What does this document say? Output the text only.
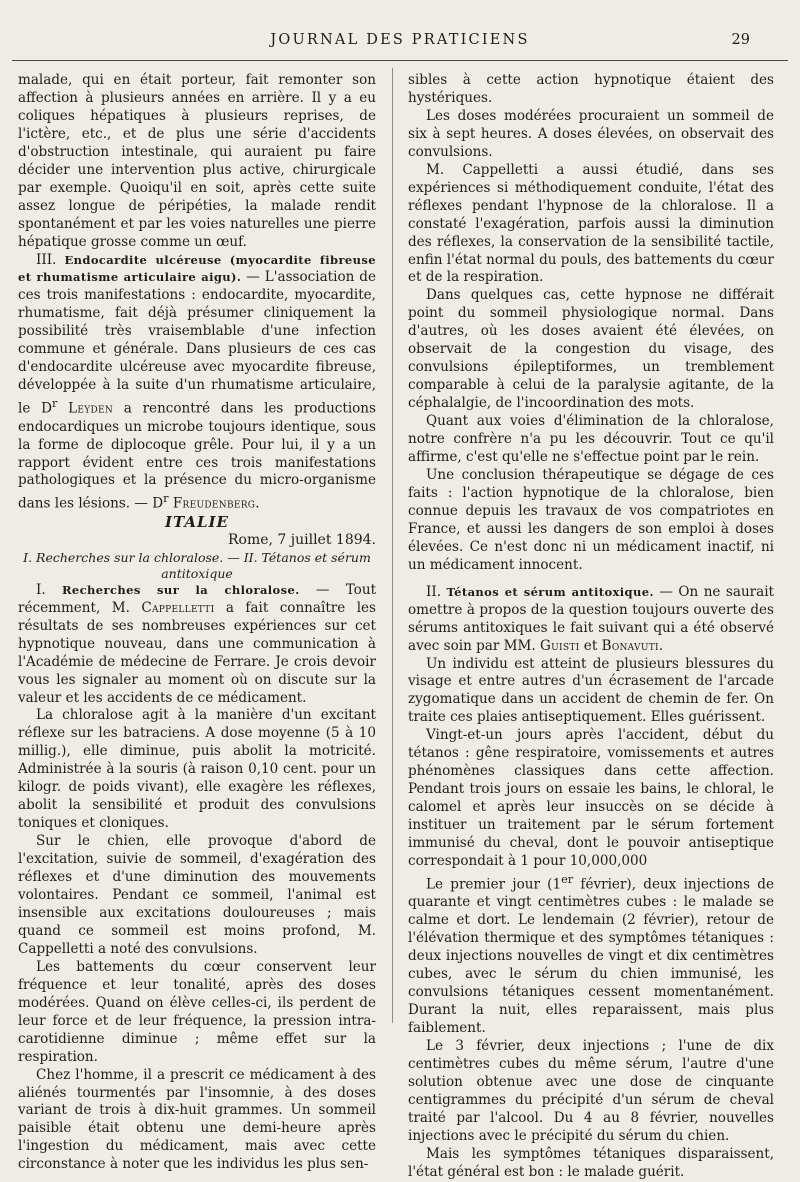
JOURNAL DES PRATICIENS	29

malade, qui en était porteur, fait remonter son affection à plusieurs années en arrière. Il y a eu coliques hépatiques à plusieurs reprises, de l'ictère, etc., et de plus une série d'accidents d'obstruction intestinale, qui auraient pu faire décider une intervention plus active, chirurgicale par exemple. Quoiqu'il en soit, après cette suite assez longue de péripéties, la malade rendit spontanément et par les voies naturelles une pierre hépatique grosse comme un œuf.

III. Endocardite ulcéreuse (myocardite fibreuse et rhumatisme articulaire aigu). — L'association de ces trois manifestations : endocardite, myocardite, rhumatisme, fait déjà présumer cliniquement la possibilité très vraisemblable d'une infection commune et générale. Dans plusieurs de ces cas d'endocardite ulcéreuse avec myocardite fibreuse, développée à la suite d'un rhumatisme articulaire, le $D^r$ Leyden a rencontré dans les productions endocardiques un microbe toujours identique, sous la forme de diplocoque grêle. Pour lui, il y a un rapport évident entre ces trois manifestations pathologiques et la présence du micro-organisme dans les lésions. — $D^r$ Freudenberg.

ITALIE

Rome, 7 juillet 1894.

I. Recherches sur la chloralose. — II. Tétanos et sérum antitoxique

I. Recherches sur la chloralose. — Tout récemment, M. Cappelletti a fait connaître les résultats de ses nombreuses expériences sur cet hypnotique nouveau, dans une communication à l'Académie de médecine de Ferrare. Je crois devoir vous les signaler au moment où on discute sur la valeur et les accidents de ce médicament.

La chloralose agit à la manière d'un excitant réflexe sur les batraciens. A dose moyenne (5 à 10 millig.), elle diminue, puis abolit la motricité. Administrée à la souris (à raison 0,10 cent. pour un kilogr. de poids vivant), elle exagère les réflexes, abolit la sensibilité et produit des convulsions toniques et cloniques.

Sur le chien, elle provoque d'abord de l'excitation, suivie de sommeil, d'exagération des réflexes et d'une diminution des mouvements volontaires. Pendant ce sommeil, l'animal est insensible aux excitations douloureuses ; mais quand ce sommeil est moins profond, M. Cappelletti a noté des convulsions.

Les battements du cœur conservent leur fréquence et leur tonalité, après des doses modérées. Quand on élève celles-ci, ils perdent de leur force et de leur fréquence, la pression intra-carotidienne diminue ; même effet sur la respiration.

Chez l'homme, il a prescrit ce médicament à des aliénés tourmentés par l'insomnie, à des doses variant de trois à dix-huit grammes. Un sommeil paisible était obtenu une demi-heure après l'ingestion du médicament, mais avec cette circonstance à noter que les individus les plus sen-

sibles à cette action hypnotique étaient des hystériques.

Les doses modérées procuraient un sommeil de six à sept heures. A doses élevées, on observait des convulsions.

M. Cappelletti a aussi étudié, dans ses expériences si méthodiquement conduite, l'état des réflexes pendant l'hypnose de la chloralose. Il a constaté l'exagération, parfois aussi la diminution des réflexes, la conservation de la sensibilité tactile, enfin l'état normal du pouls, des battements du cœur et de la respiration.

Dans quelques cas, cette hypnose ne différait point du sommeil physiologique normal. Dans d'autres, où les doses avaient été élevées, on observait de la congestion du visage, des convulsions épileptiformes, un tremblement comparable à celui de la paralysie agitante, de la céphalalgie, de l'incoordination des mots.

Quant aux voies d'élimination de la chloralose, notre confrère n'a pu les découvrir. Tout ce qu'il affirme, c'est qu'elle ne s'effectue point par le rein.

Une conclusion thérapeutique se dégage de ces faits : l'action hypnotique de la chloralose, bien connue depuis les travaux de vos compatriotes en France, et aussi les dangers de son emploi à doses élevées. Ce n'est donc ni un médicament inactif, ni un médicament innocent.

II. Tétanos et sérum antitoxique. — On ne saurait omettre à propos de la question toujours ouverte des sérums antitoxiques le fait suivant qui a été observé avec soin par MM. Guisti et Bonavuti.

Un individu est atteint de plusieurs blessures du visage et entre autres d'un écrasement de l'arcade zygomatique dans un accident de chemin de fer. On traite ces plaies antiseptiquement. Elles guérissent.

Vingt-et-un jours après l'accident, début du tétanos : gêne respiratoire, vomissements et autres phénomènes classiques dans cette affection. Pendant trois jours on essaie les bains, le chloral, le calomel et après leur insuccès on se décide à instituer un traitement par le sérum fortement immunisé du cheval, dont le pouvoir antiseptique correspondait à 1 pour 10,000,000

Le premier jour (1er février), deux injections de quarante et vingt centimètres cubes : le malade se calme et dort. Le lendemain (2 février), retour de l'élévation thermique et des symptômes tétaniques : deux injections nouvelles de vingt et dix centimètres cubes, avec le sérum du chien immunisé, les convulsions tétaniques cessent momentanément. Durant la nuit, elles reparaissent, mais plus faiblement.

Le 3 février, deux injections ; l'une de dix centimètres cubes du même sérum, l'autre d'une solution obtenue avec une dose de cinquante centigrammes du précipité d'un sérum de cheval traité par l'alcool. Du 4 au 8 février, nouvelles injections avec le précipité du sérum du chien.

Mais les symptômes tétaniques disparaissent, l'état général est bon : le malade guérit.
